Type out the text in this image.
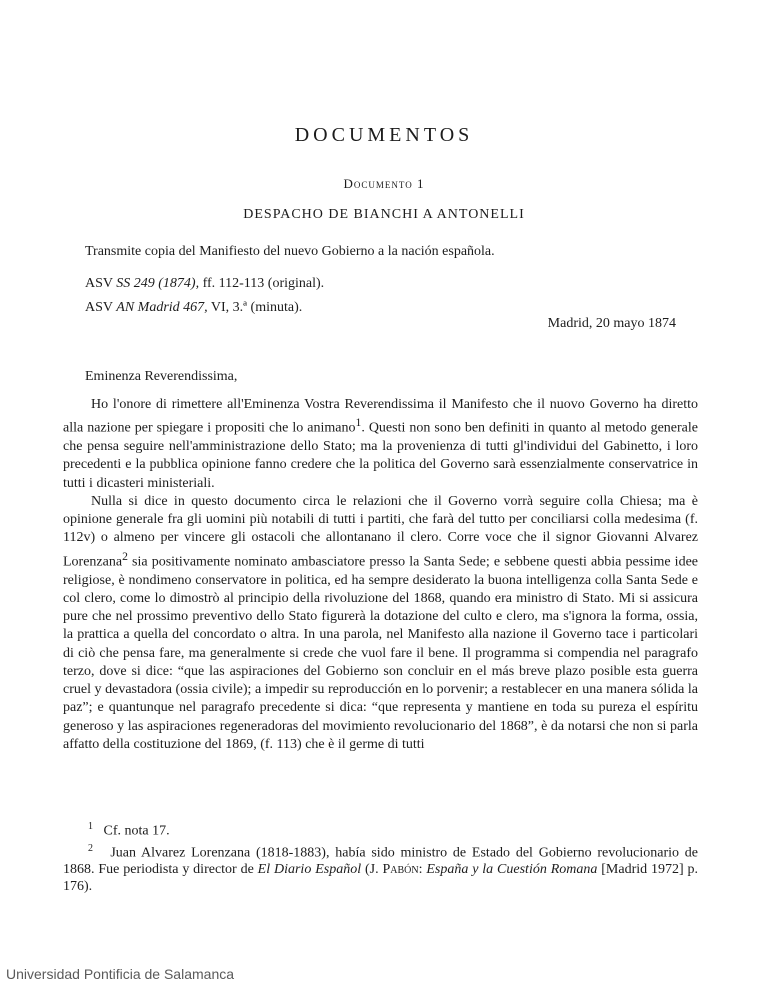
DOCUMENTOS
Documento 1
DESPACHO DE BIANCHI A ANTONELLI
Transmite copia del Manifiesto del nuevo Gobierno a la nación española.
ASV SS 249 (1874), ff. 112-113 (original).
ASV AN Madrid 467, VI, 3.ª (minuta).
Madrid, 20 mayo 1874
Eminenza Reverendissima,

Ho l'onore di rimettere all'Eminenza Vostra Reverendissima il Manifesto che il nuovo Governo ha diretto alla nazione per spiegare i propositi che lo animano$^1$. Questi non sono ben definiti in quanto al metodo generale che pensa seguire nell'amministrazione dello Stato; ma la provenienza di tutti gl'individui del Gabinetto, i loro precedenti e la pubblica opinione fanno credere che la politica del Governo sarà essenzialmente conservatrice in tutti i dicasteri ministeriali.

Nulla si dice in questo documento circa le relazioni che il Governo vorrà seguire colla Chiesa; ma è opinione generale fra gli uomini più notabili di tutti i partiti, che farà del tutto per conciliarsi colla medesima (f. 112v) o almeno per vincere gli ostacoli che allontanano il clero. Corre voce che il signor Giovanni Alvarez Lorenzana$^2$ sia positivamente nominato ambasciatore presso la Santa Sede; e sebbene questi abbia pessime idee religiose, è nondimeno conservatore in politica, ed ha sempre desiderato la buona intelligenza colla Santa Sede e col clero, come lo dimostrò al principio della rivoluzione del 1868, quando era ministro di Stato. Mi si assicura pure che nel prossimo preventivo dello Stato figurerà la dotazione del culto e clero, ma s'ignora la forma, ossia, la prattica a quella del concordato o altra. In una parola, nel Manifesto alla nazione il Governo tace i particolari di ciò che pensa fare, ma generalmente si crede che vuol fare il bene. Il programma si compendia nel paragrafo terzo, dove si dice: “que las aspiraciones del Gobierno son concluir en el más breve plazo posible esta guerra cruel y devastadora (ossia civile); a impedir su reproducción en lo porvenir; a restablecer en una manera sólida la paz”; e quantunque nel paragrafo precedente si dica: “que representa y mantiene en toda su pureza el espíritu generoso y las aspiraciones regeneradoras del movimiento revolucionario del 1868”, è da notarsi che non si parla affatto della costituzione del 1869, (f. 113) che è il germe di tutti

$^1$ Cf. nota 17.

$^2$ Juan Alvarez Lorenzana (1818-1883), había sido ministro de Estado del Gobierno revolucionario de 1868. Fue periodista y director de El Diario Español (J. Pabón: España y la Cuestión Romana [Madrid 1972] p. 176).

Universidad Pontificia de Salamanca
